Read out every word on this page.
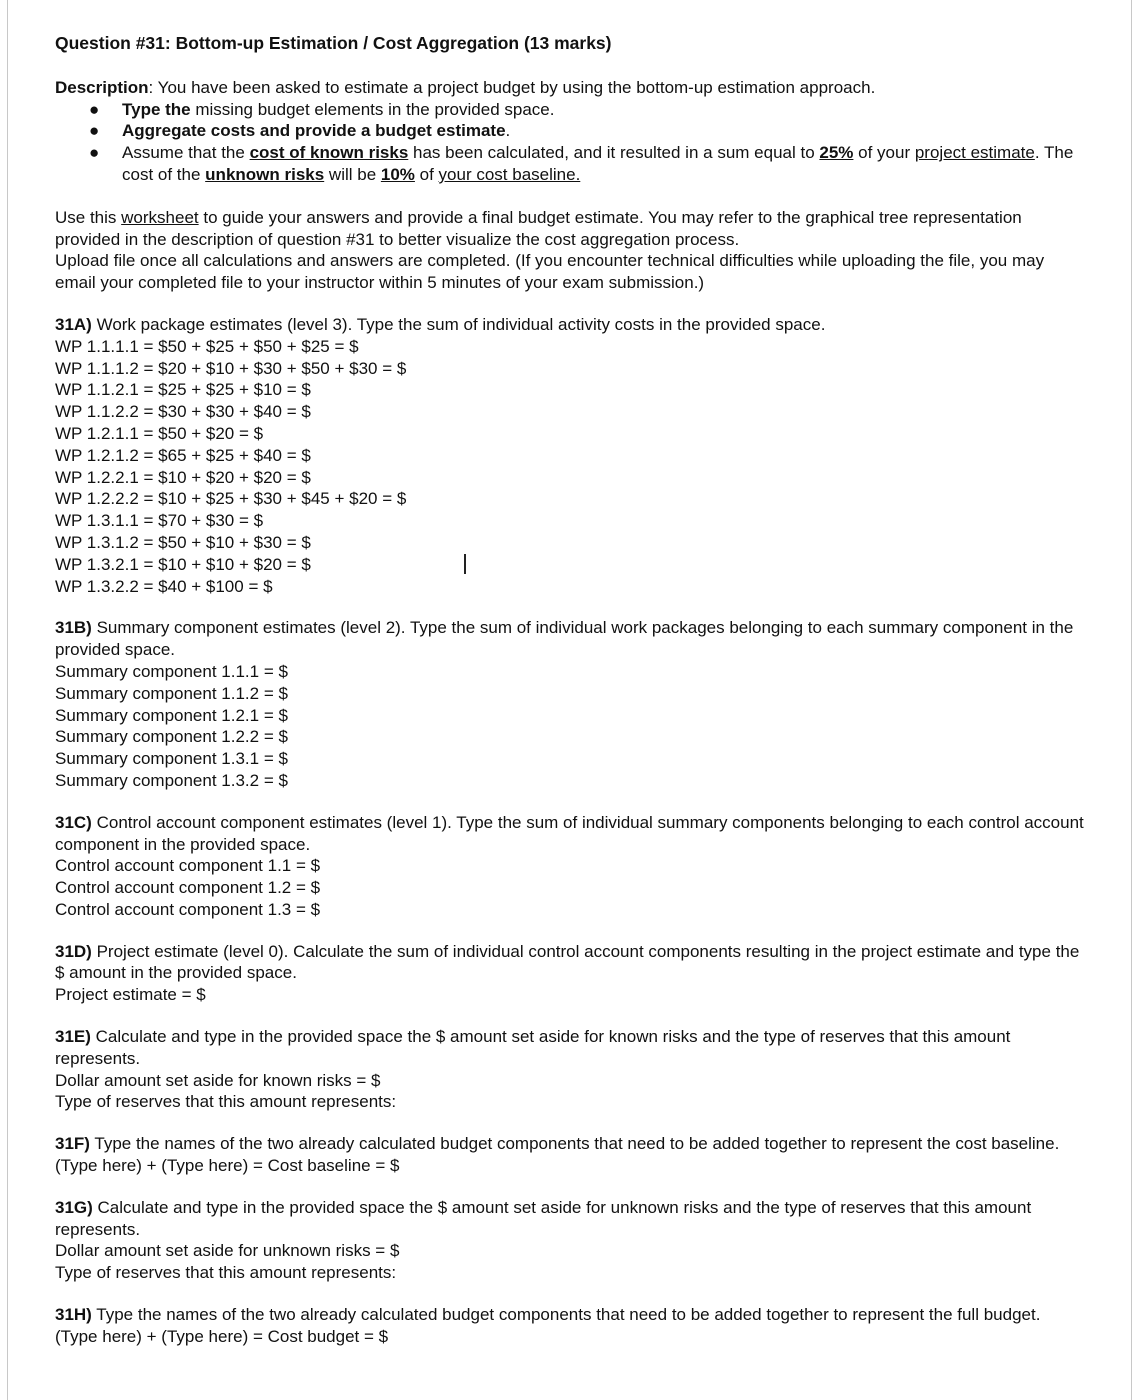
Question #31: Bottom-up Estimation / Cost Aggregation (13 marks)

Description: You have been asked to estimate a project budget by using the bottom-up estimation approach.

● Type the missing budget elements in the provided space.
● Aggregate costs and provide a budget estimate.
● Assume that the cost of known risks has been calculated, and it resulted in a sum equal to 25% of your project estimate. The cost of the unknown risks will be 10% of your cost baseline.

Use this worksheet to guide your answers and provide a final budget estimate. You may refer to the graphical tree representation provided in the description of question #31 to better visualize the cost aggregation process.

Upload file once all calculations and answers are completed. (If you encounter technical difficulties while uploading the file, you may email your completed file to your instructor within 5 minutes of your exam submission.)

31A) Work package estimates (level 3). Type the sum of individual activity costs in the provided space.

WP 1.1.1.1 = $50 + $25 + $50 + $25 = $
WP 1.1.1.2 = $20 + $10 + $30 + $50 + $30 = $
WP 1.1.2.1 = $25 + $25 + $10 = $
WP 1.1.2.2 = $30 + $30 + $40 = $
WP 1.2.1.1 = $50 + $20 = $
WP 1.2.1.2 = $65 + $25 + $40 = $
WP 1.2.2.1 = $10 + $20 + $20 = $
WP 1.2.2.2 = $10 + $25 + $30 + $45 + $20 = $
WP 1.3.1.1 = $70 + $30 = $
WP 1.3.1.2 = $50 + $10 + $30 = $
WP 1.3.2.1 = $10 + $10 + $20 = $
WP 1.3.2.2 = $40 + $100 = $

31B) Summary component estimates (level 2). Type the sum of individual work packages belonging to each summary component in the provided space.

Summary component 1.1.1 = $
Summary component 1.1.2 = $
Summary component 1.2.1 = $
Summary component 1.2.2 = $
Summary component 1.3.1 = $
Summary component 1.3.2 = $

31C) Control account component estimates (level 1). Type the sum of individual summary components belonging to each control account component in the provided space.

Control account component 1.1 = $
Control account component 1.2 = $
Control account component 1.3 = $

31D) Project estimate (level 0). Calculate the sum of individual control account components resulting in the project estimate and type the $ amount in the provided space.

Project estimate = $

31E) Calculate and type in the provided space the $ amount set aside for known risks and the type of reserves that this amount represents.

Dollar amount set aside for known risks = $
Type of reserves that this amount represents:

31F) Type the names of the two already calculated budget components that need to be added together to represent the cost baseline.

(Type here) + (Type here) = Cost baseline = $

31G) Calculate and type in the provided space the $ amount set aside for unknown risks and the type of reserves that this amount represents.

Dollar amount set aside for unknown risks = $
Type of reserves that this amount represents:

31H) Type the names of the two already calculated budget components that need to be added together to represent the full budget.

(Type here) + (Type here) = Cost budget = $
